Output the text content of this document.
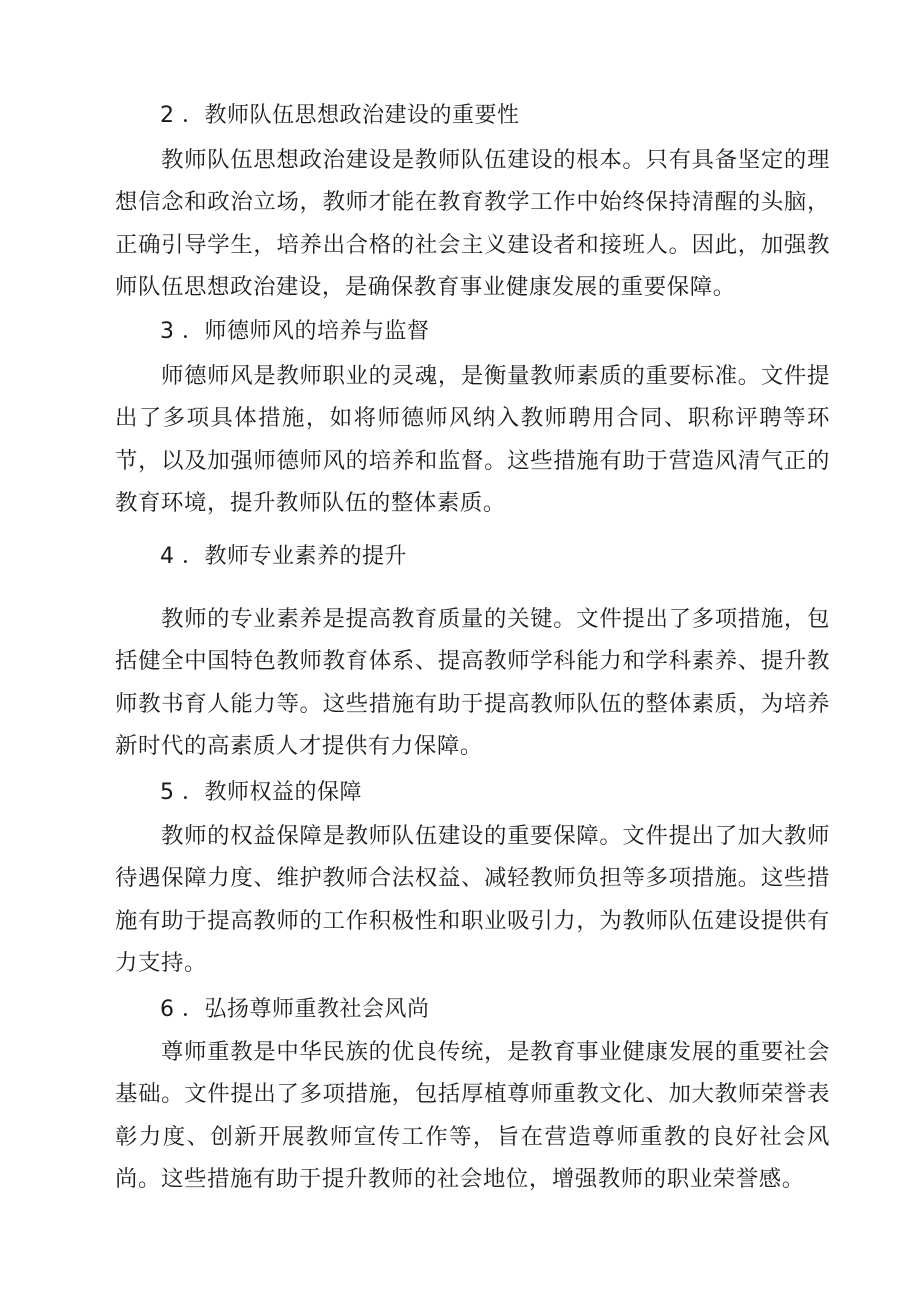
2 ．教师队伍思想政治建设的重要性

教师队伍思想政治建设是教师队伍建设的根本。只有具备坚定的理想信念和政治立场，教师才能在教育教学工作中始终保持清醒的头脑，正确引导学生，培养出合格的社会主义建设者和接班人。因此，加强教师队伍思想政治建设，是确保教育事业健康发展的重要保障。

3 ．师德师风的培养与监督

师德师风是教师职业的灵魂，是衡量教师素质的重要标准。文件提出了多项具体措施，如将师德师风纳入教师聘用合同、职称评聘等环节，以及加强师德师风的培养和监督。这些措施有助于营造风清气正的教育环境，提升教师队伍的整体素质。

4 ．教师专业素养的提升

教师的专业素养是提高教育质量的关键。文件提出了多项措施，包括健全中国特色教师教育体系、提高教师学科能力和学科素养、提升教师教书育人能力等。这些措施有助于提高教师队伍的整体素质，为培养新时代的高素质人才提供有力保障。

5 ．教师权益的保障

教师的权益保障是教师队伍建设的重要保障。文件提出了加大教师待遇保障力度、维护教师合法权益、减轻教师负担等多项措施。这些措施有助于提高教师的工作积极性和职业吸引力，为教师队伍建设提供有力支持。

6 ．弘扬尊师重教社会风尚

尊师重教是中华民族的优良传统，是教育事业健康发展的重要社会基础。文件提出了多项措施，包括厚植尊师重教文化、加大教师荣誉表彰力度、创新开展教师宣传工作等，旨在营造尊师重教的良好社会风尚。这些措施有助于提升教师的社会地位，增强教师的职业荣誉感。
